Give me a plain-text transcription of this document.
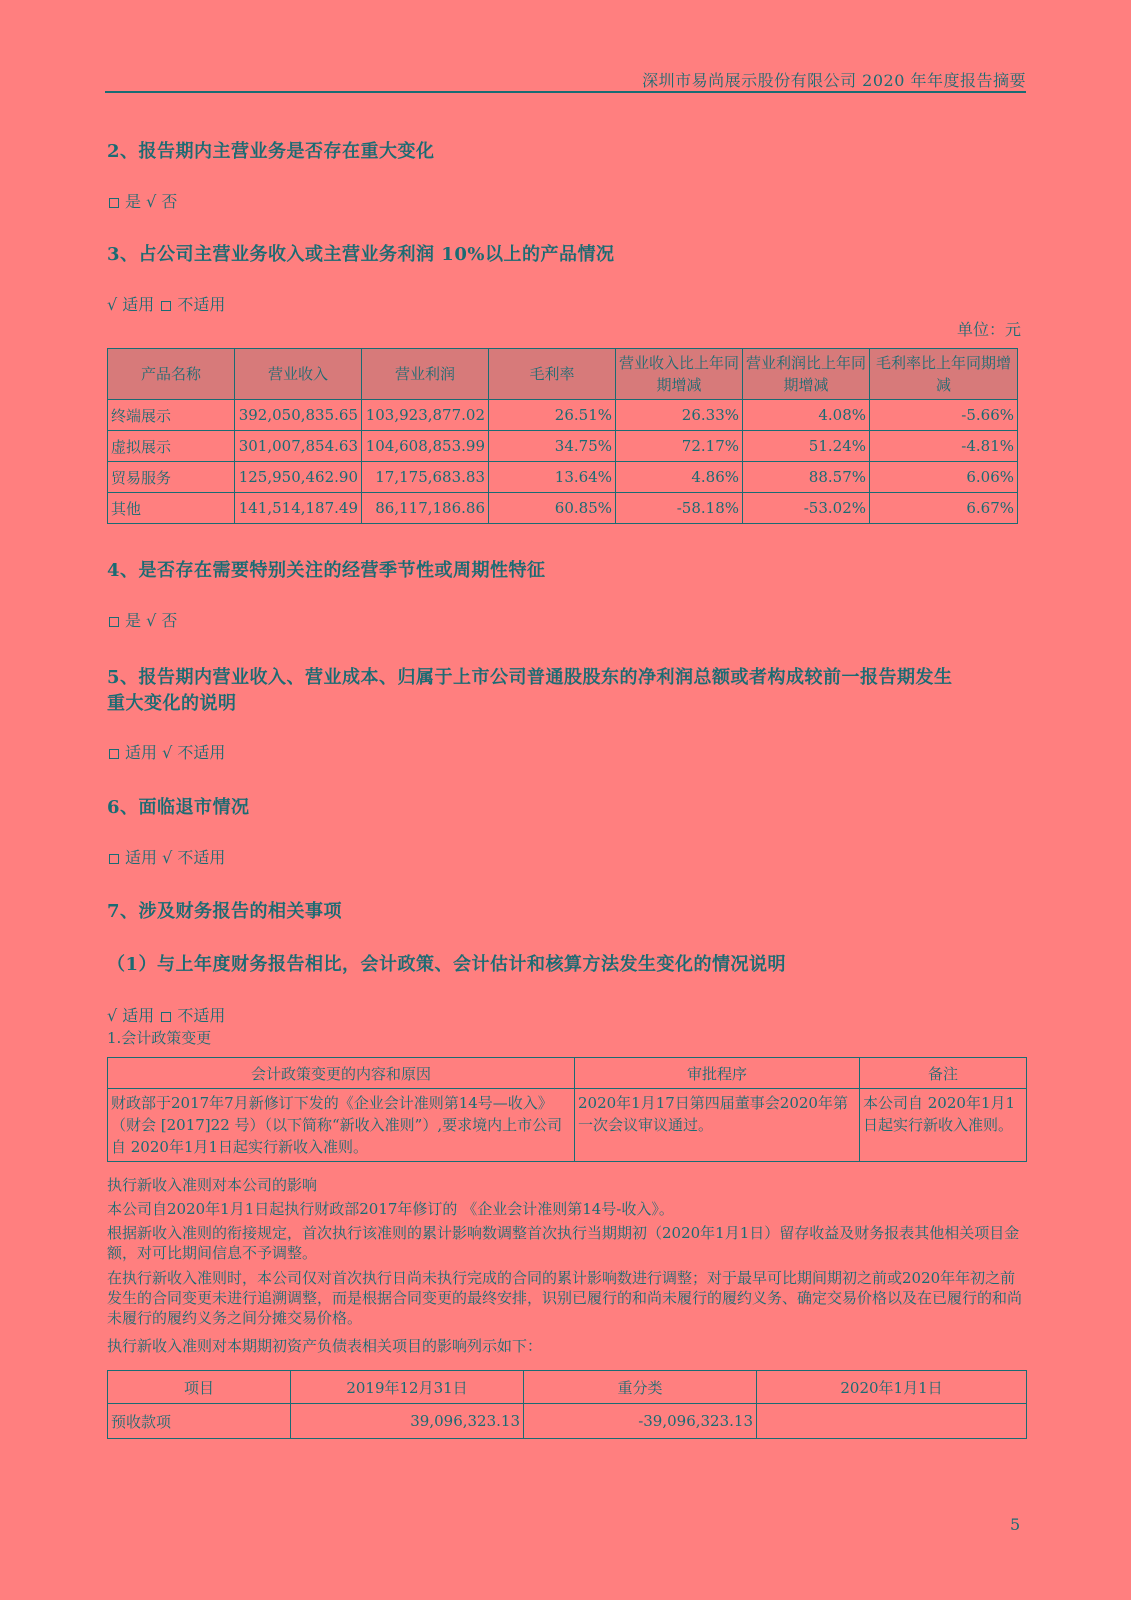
深圳市易尚展示股份有限公司 2020 年年度报告摘要
2、报告期内主营业务是否存在重大变化
是 √ 否
3、占公司主营业务收入或主营业务利润 10%以上的产品情况
√ 适用 不适用
单位：元
产品名称	营业收入	营业利润	毛利率	营业收入比上年同期增减	营业利润比上年同期增减	毛利率比上年同期增减
终端展示	392,050,835.65	103,923,877.02	26.51%	26.33%	4.08%	-5.66%
虚拟展示	301,007,854.63	104,608,853.99	34.75%	72.17%	51.24%	-4.81%
贸易服务	125,950,462.90	17,175,683.83	13.64%	4.86%	88.57%	6.06%
其他	141,514,187.49	86,117,186.86	60.85%	-58.18%	-53.02%	6.67%
4、是否存在需要特别关注的经营季节性或周期性特征
是 √ 否
5、报告期内营业收入、营业成本、归属于上市公司普通股股东的净利润总额或者构成较前一报告期发生
重大变化的说明
适用 √ 不适用
6、面临退市情况
适用 √ 不适用
7、涉及财务报告的相关事项
（1）与上年度财务报告相比，会计政策、会计估计和核算方法发生变化的情况说明
√ 适用 不适用
1.会计政策变更
会计政策变更的内容和原因	审批程序	备注
财政部于2017年7月新修订下发的《企业会计准则第14号—收入》（财会 [2017]22 号）（以下简称“新收入准则”）,要求境内上市公司自 2020年1月1日起实行新收入准则。	2020年1月17日第四届董事会2020年第一次会议审议通过。	本公司自 2020年1月1日起实行新收入准则。
执行新收入准则对本公司的影响
本公司自2020年1月1日起执行财政部2017年修订的 《企业会计准则第14号-收入》。
根据新收入准则的衔接规定，首次执行该准则的累计影响数调整首次执行当期期初（2020年1月1日）留存收益及财务报表其他相关项目金额，对可比期间信息不予调整。
在执行新收入准则时，本公司仅对首次执行日尚未执行完成的合同的累计影响数进行调整；对于最早可比期间期初之前或2020年年初之前发生的合同变更未进行追溯调整，而是根据合同变更的最终安排，识别已履行的和尚未履行的履约义务、确定交易价格以及在已履行的和尚未履行的履约义务之间分摊交易价格。
执行新收入准则对本期期初资产负债表相关项目的影响列示如下：
项目	2019年12月31日	重分类	2020年1月1日
预收款项	39,096,323.13	-39,096,323.13	
5
